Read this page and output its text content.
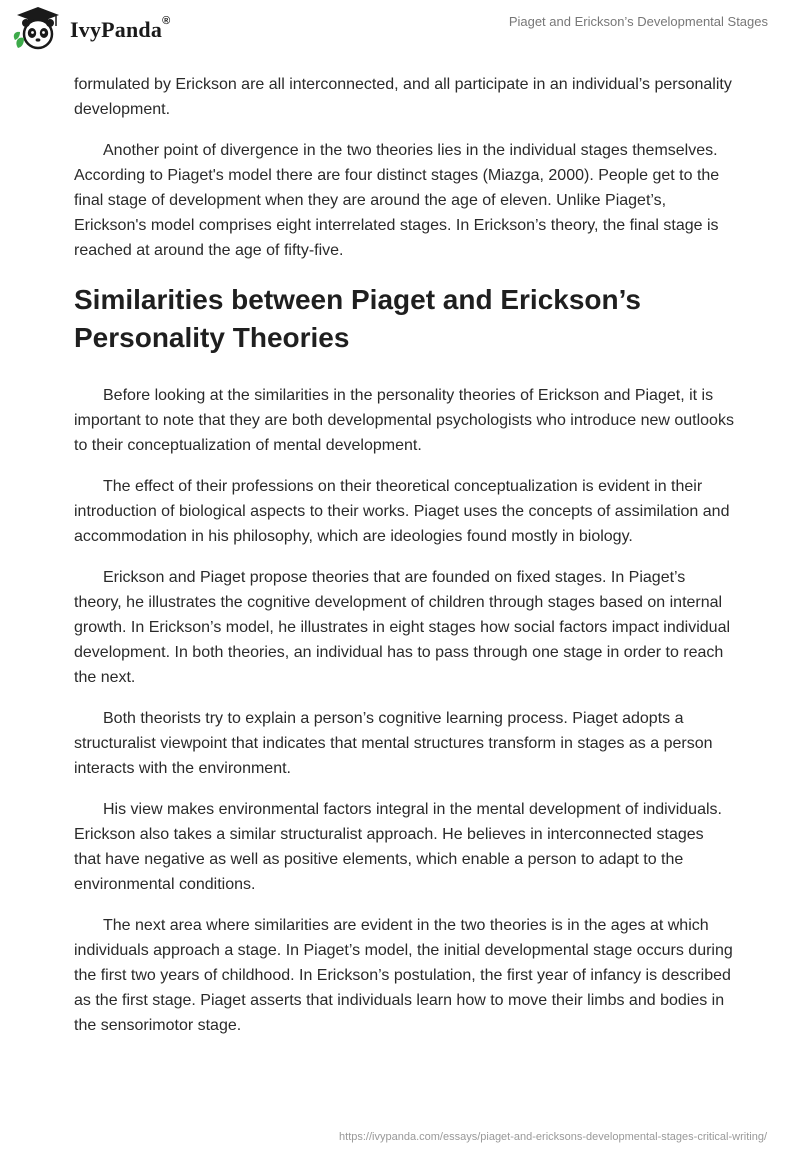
IvyPanda®	Piaget and Erickson’s Developmental Stages

formulated by Erickson are all interconnected, and all participate in an individual’s personality development.

Another point of divergence in the two theories lies in the individual stages themselves. According to Piaget's model there are four distinct stages (Miazga, 2000). People get to the final stage of development when they are around the age of eleven. Unlike Piaget’s, Erickson's model comprises eight interrelated stages. In Erickson’s theory, the final stage is reached at around the age of fifty-five.

Similarities between Piaget and Erickson’s Personality Theories

Before looking at the similarities in the personality theories of Erickson and Piaget, it is important to note that they are both developmental psychologists who introduce new outlooks to their conceptualization of mental development.

The effect of their professions on their theoretical conceptualization is evident in their introduction of biological aspects to their works. Piaget uses the concepts of assimilation and accommodation in his philosophy, which are ideologies found mostly in biology.

Erickson and Piaget propose theories that are founded on fixed stages. In Piaget’s theory, he illustrates the cognitive development of children through stages based on internal growth. In Erickson’s model, he illustrates in eight stages how social factors impact individual development. In both theories, an individual has to pass through one stage in order to reach the next.

Both theorists try to explain a person’s cognitive learning process. Piaget adopts a structuralist viewpoint that indicates that mental structures transform in stages as a person interacts with the environment.

His view makes environmental factors integral in the mental development of individuals. Erickson also takes a similar structuralist approach. He believes in interconnected stages that have negative as well as positive elements, which enable a person to adapt to the environmental conditions.

The next area where similarities are evident in the two theories is in the ages at which individuals approach a stage. In Piaget’s model, the initial developmental stage occurs during the first two years of childhood. In Erickson’s postulation, the first year of infancy is described as the first stage. Piaget asserts that individuals learn how to move their limbs and bodies in the sensorimotor stage.

https://ivypanda.com/essays/piaget-and-ericksons-developmental-stages-critical-writing/
